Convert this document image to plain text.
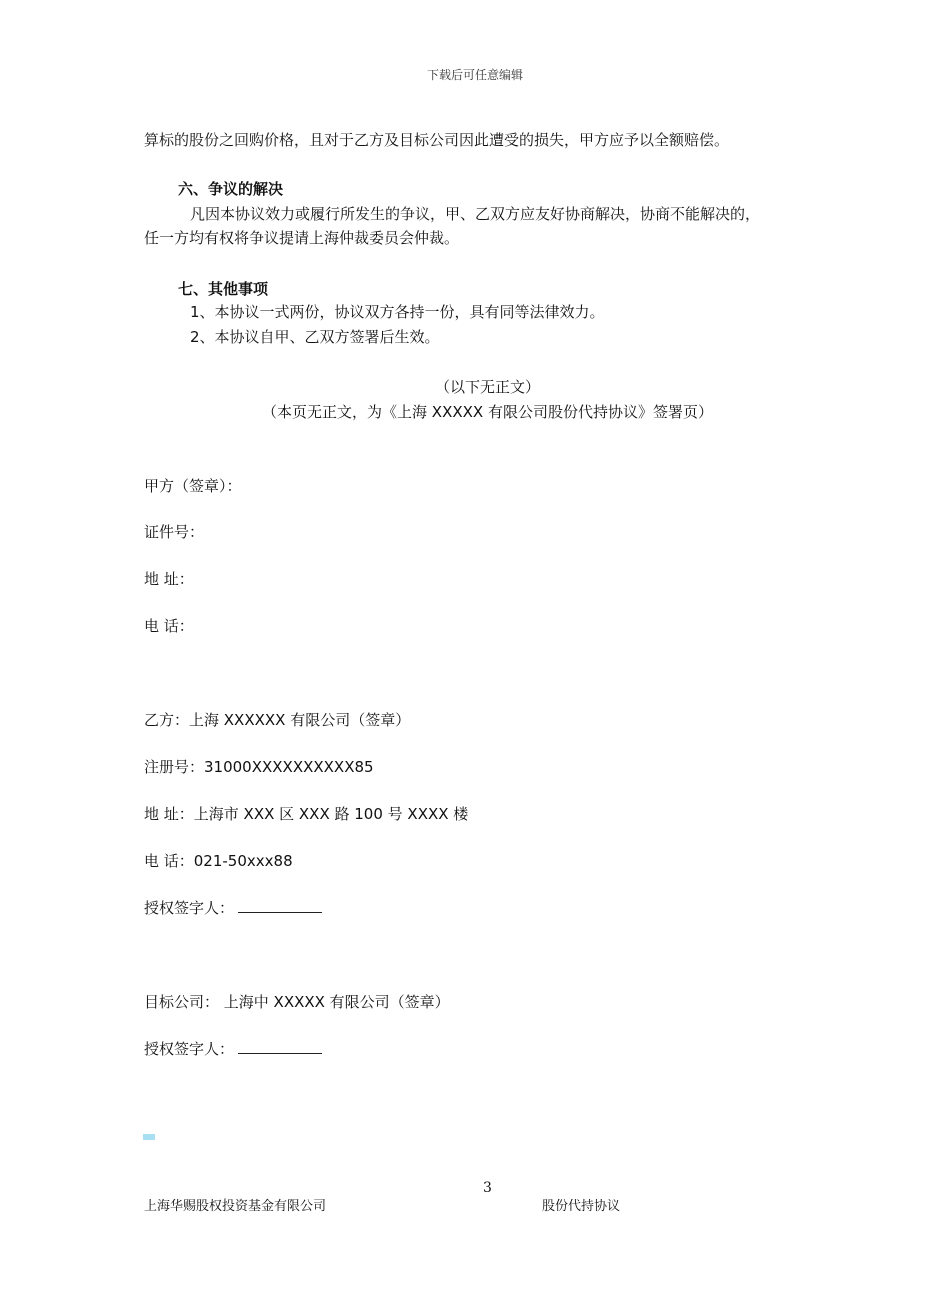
下载后可任意编辑
算标的股份之回购价格，且对于乙方及目标公司因此遭受的损失，甲方应予以全额赔偿。
六、争议的解决
凡因本协议效力或履行所发生的争议，甲、乙双方应友好协商解决，协商不能解决的，
任一方均有权将争议提请上海仲裁委员会仲裁。
七、其他事项
1、本协议一式两份，协议双方各持一份，具有同等法律效力。
2、本协议自甲、乙双方签署后生效。
（以下无正文）
（本页无正文，为《上海 XXXXX 有限公司股份代持协议》签署页）
甲方（签章）：
证件号：
地 址：
电 话：
乙方：上海 XXXXXX 有限公司（签章）
注册号：31000XXXXXXXXXX85
地 址：上海市 XXX 区 XXX 路 100 号 XXXX 楼
电 话：021-50xxx88
授权签字人：
目标公司： 上海中 XXXXX 有限公司（签章）
授权签字人：
3
上海华赐股权投资基金有限公司	股份代持协议
